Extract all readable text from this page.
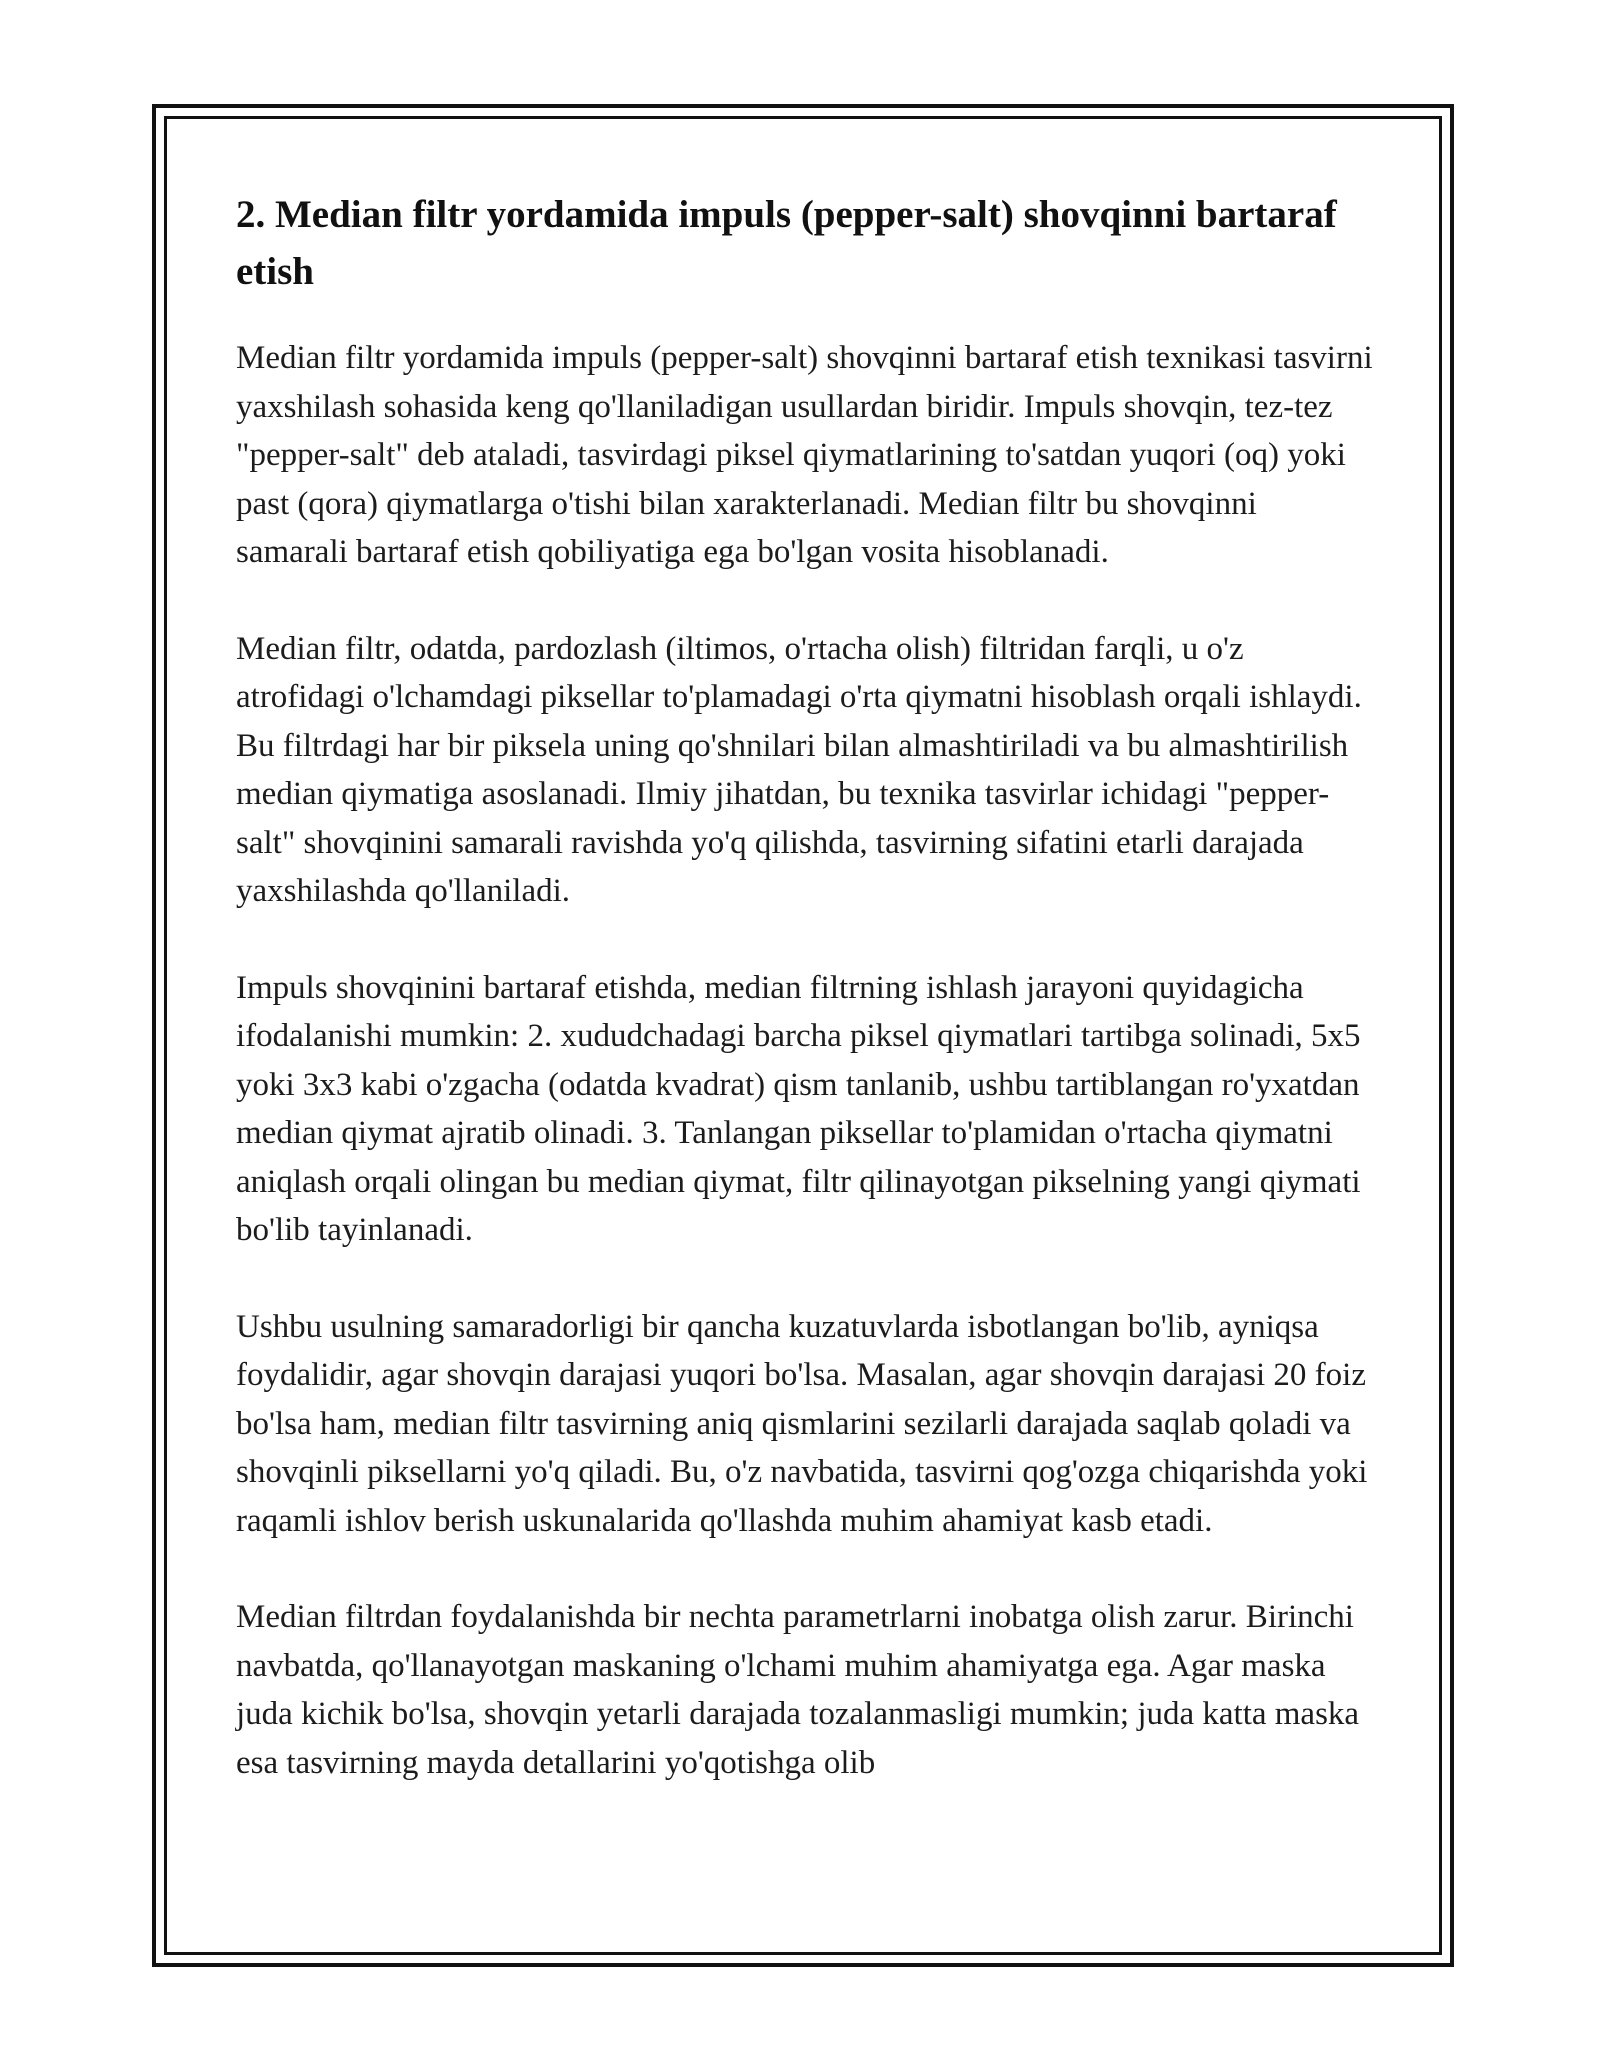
2. Median filtr yordamida impuls (pepper-salt) shovqinni bartaraf etish

Median filtr yordamida impuls (pepper-salt) shovqinni bartaraf etish texnikasi tasvirni yaxshilash sohasida keng qo'llaniladigan usullardan biridir. Impuls shovqin, tez-tez "pepper-salt" deb ataladi, tasvirdagi piksel qiymatlarining to'satdan yuqori (oq) yoki past (qora) qiymatlarga o'tishi bilan xarakterlanadi. Median filtr bu shovqinni samarali bartaraf etish qobiliyatiga ega bo'lgan vosita hisoblanadi.

Median filtr, odatda, pardozlash (iltimos, o'rtacha olish) filtridan farqli, u o'z atrofidagi o'lchamdagi piksellar to'plamadagi o'rta qiymatni hisoblash orqali ishlaydi. Bu filtrdagi har bir piksela uning qo'shnilari bilan almashtiriladi va bu almashtirilish median qiymatiga asoslanadi. Ilmiy jihatdan, bu texnika tasvirlar ichidagi "pepper-salt" shovqinini samarali ravishda yo'q qilishda, tasvirning sifatini etarli darajada yaxshilashda qo'llaniladi.

Impuls shovqinini bartaraf etishda, median filtrning ishlash jarayoni quyidagicha ifodalanishi mumkin: 2. xududchadagi barcha piksel qiymatlari tartibga solinadi, 5x5 yoki 3x3 kabi o'zgacha (odatda kvadrat) qism tanlanib, ushbu tartiblangan ro'yxatdan median qiymat ajratib olinadi. 3. Tanlangan piksellar to'plamidan o'rtacha qiymatni aniqlash orqali olingan bu median qiymat, filtr qilinayotgan pikselning yangi qiymati bo'lib tayinlanadi.

Ushbu usulning samaradorligi bir qancha kuzatuvlarda isbotlangan bo'lib, ayniqsa foydalidir, agar shovqin darajasi yuqori bo'lsa. Masalan, agar shovqin darajasi 20 foiz bo'lsa ham, median filtr tasvirning aniq qismlarini sezilarli darajada saqlab qoladi va shovqinli piksellarni yo'q qiladi. Bu, o'z navbatida, tasvirni qog'ozga chiqarishda yoki raqamli ishlov berish uskunalarida qo'llashda muhim ahamiyat kasb etadi.

Median filtrdan foydalanishda bir nechta parametrlarni inobatga olish zarur. Birinchi navbatda, qo'llanayotgan maskaning o'lchami muhim ahamiyatga ega. Agar maska juda kichik bo'lsa, shovqin yetarli darajada tozalanmasligi mumkin; juda katta maska esa tasvirning mayda detallarini yo'qotishga olib
